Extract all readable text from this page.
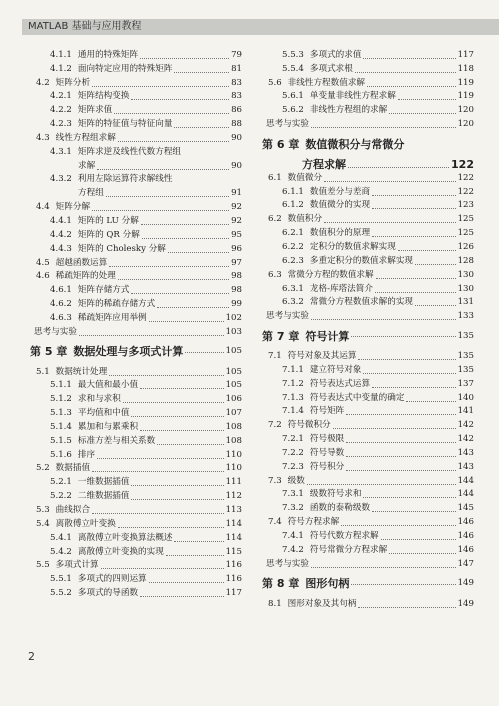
MATLAB 基础与应用教程
4.1.1 通用的特殊矩阵	79
4.1.2 面向特定应用的特殊矩阵	81
4.2 矩阵分析	83
4.2.1 矩阵结构变换	83
4.2.2 矩阵求值	86
4.2.3 矩阵的特征值与特征向量	88
4.3 线性方程组求解	90
4.3.1 矩阵求逆及线性代数方程组
求解	90
4.3.2 利用左除运算符求解线性
方程组	91
4.4 矩阵分解	92
4.4.1 矩阵的 LU 分解	92
4.4.2 矩阵的 QR 分解	95
4.4.3 矩阵的 Cholesky 分解	96
4.5 超越函数运算	97
4.6 稀疏矩阵的处理	98
4.6.1 矩阵存储方式	98
4.6.2 矩阵的稀疏存储方式	99
4.6.3 稀疏矩阵应用举例	102
思考与实验	103
第 5 章 数据处理与多项式计算	105
5.1 数据统计处理	105
5.1.1 最大值和最小值	105
5.1.2 求和与求积	106
5.1.3 平均值和中值	107
5.1.4 累加和与累乘积	108
5.1.5 标准方差与相关系数	108
5.1.6 排序	110
5.2 数据插值	110
5.2.1 一维数据插值	111
5.2.2 二维数据插值	112
5.3 曲线拟合	113
5.4 离散傅立叶变换	114
5.4.1 离散傅立叶变换算法概述	114
5.4.2 离散傅立叶变换的实现	115
5.5 多项式计算	116
5.5.1 多项式的四则运算	116
5.5.2 多项式的导函数	117
5.5.3 多项式的求值	117
5.5.4 多项式求根	118
5.6 非线性方程数值求解	119
5.6.1 单变量非线性方程求解	119
5.6.2 非线性方程组的求解	120
思考与实验	120
第 6 章 数值微积分与常微分
方程求解	122
6.1 数值微分	122
6.1.1 数值差分与差商	122
6.1.2 数值微分的实现	123
6.2 数值积分	125
6.2.1 数值积分的原理	125
6.2.2 定积分的数值求解实现	126
6.2.3 多重定积分的数值求解实现	128
6.3 常微分方程的数值求解	130
6.3.1 龙格-库塔法简介	130
6.3.2 常微分方程数值求解的实现	131
思考与实验	133
第 7 章 符号计算	135
7.1 符号对象及其运算	135
7.1.1 建立符号对象	135
7.1.2 符号表达式运算	137
7.1.3 符号表达式中变量的确定	140
7.1.4 符号矩阵	141
7.2 符号微积分	142
7.2.1 符号极限	142
7.2.2 符号导数	143
7.2.3 符号积分	143
7.3 级数	144
7.3.1 级数符号求和	144
7.3.2 函数的泰勒级数	145
7.4 符号方程求解	146
7.4.1 符号代数方程求解	146
7.4.2 符号常微分方程求解	146
思考与实验	147
第 8 章 图形句柄	149
8.1 图形对象及其句柄	149
2
